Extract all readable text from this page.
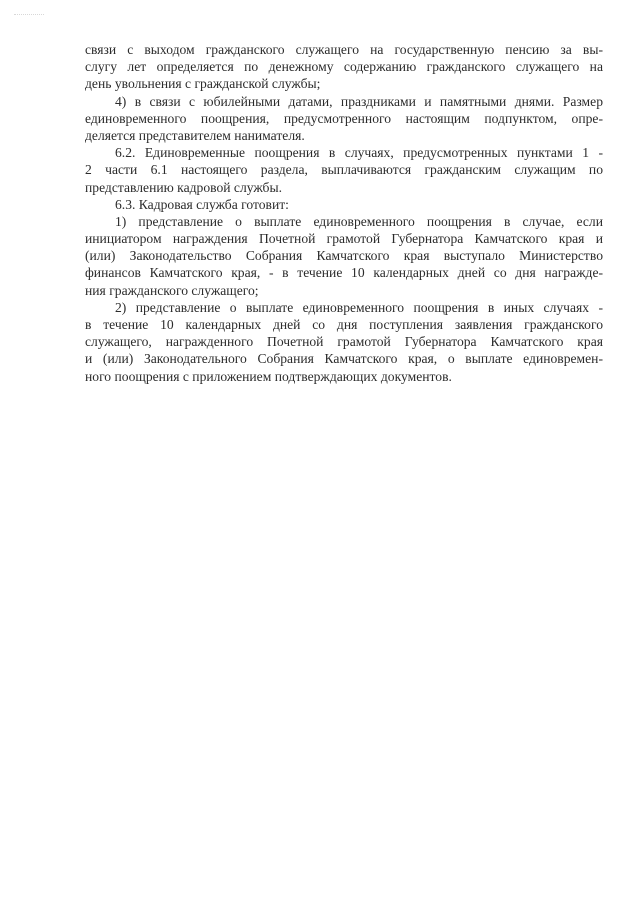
связи с выходом гражданского служащего на государственную пенсию за вы-
слугу лет определяется по денежному содержанию гражданского служащего на
день увольнения с гражданской службы;
4) в связи с юбилейными датами, праздниками и памятными днями. Размер
единовременного поощрения, предусмотренного настоящим подпунктом, опре-
деляется представителем нанимателя.
6.2. Единовременные поощрения в случаях, предусмотренных пунктами 1 -
2 части 6.1 настоящего раздела, выплачиваются гражданским служащим по
представлению кадровой службы.
6.3. Кадровая служба готовит:
1) представление о выплате единовременного поощрения в случае, если
инициатором награждения Почетной грамотой Губернатора Камчатского края и
(или) Законодательство Собрания Камчатского края выступало Министерство
финансов Камчатского края, - в течение 10 календарных дней со дня награжде-
ния гражданского служащего;
2) представление о выплате единовременного поощрения в иных случаях -
в течение 10 календарных дней со дня поступления заявления гражданского
служащего, награжденного Почетной грамотой Губернатора Камчатского края
и (или) Законодательного Собрания Камчатского края, о выплате единовремен-
ного поощрения с приложением подтверждающих документов.
